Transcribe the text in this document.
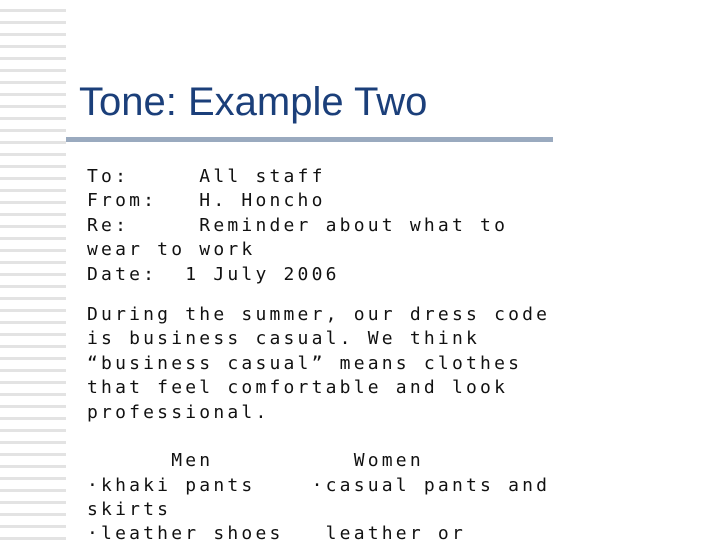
Tone: Example Two
To:     All staff
From:   H. Honcho
Re:     Reminder about what to
wear to work
Date:  1 July 2006
During the summer, our dress code
is business casual. We think
“business casual” means clothes
that feel comfortable and look
professional.
Men          Women
·khaki pants    ·casual pants and
skirts
·leather shoes   leather or
